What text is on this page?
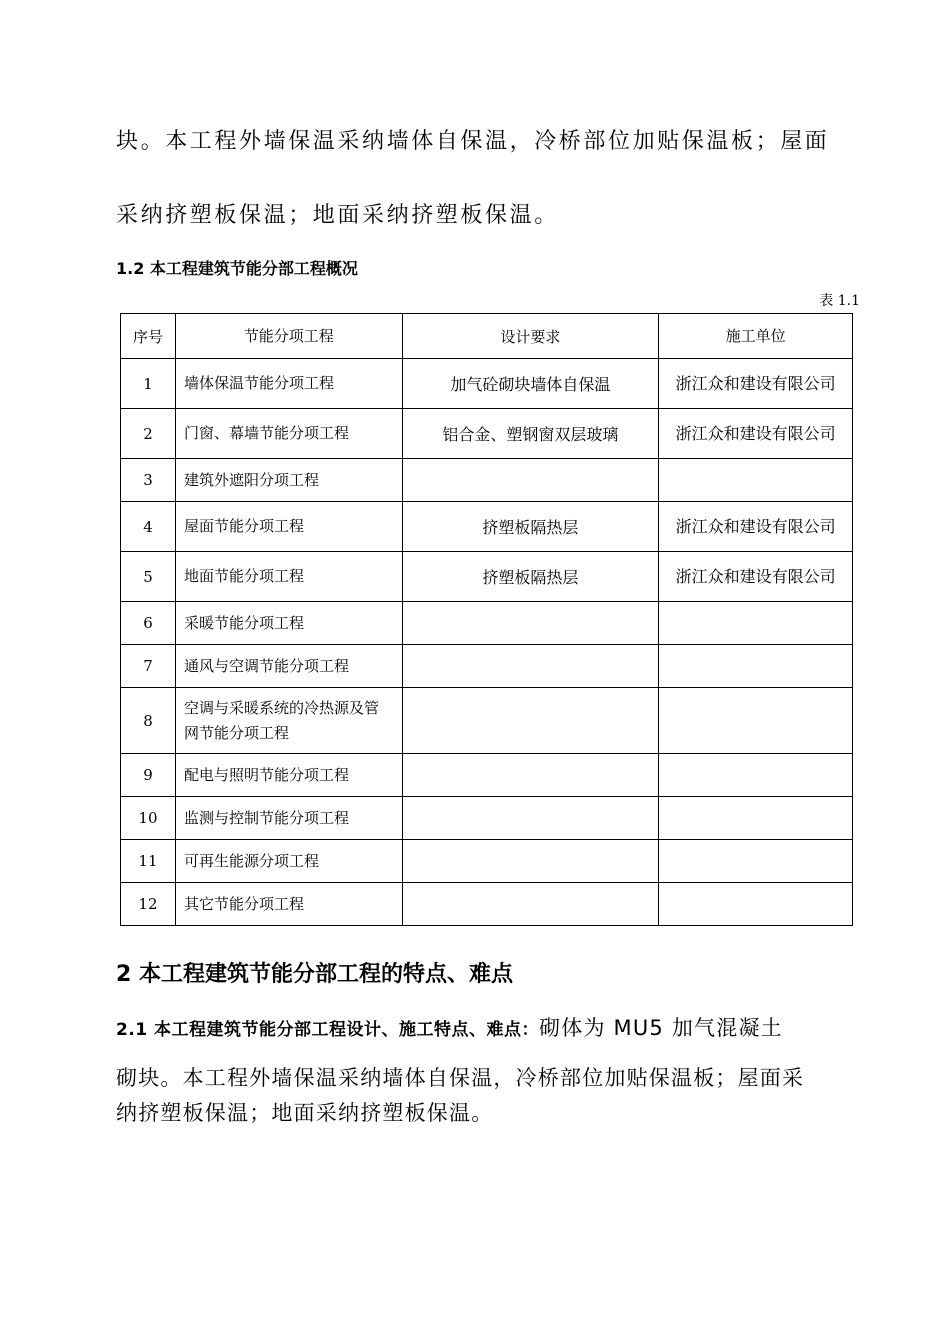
块。本工程外墙保温采纳墙体自保温，冷桥部位加贴保温板；屋面
采纳挤塑板保温；地面采纳挤塑板保温。
1.2 本工程建筑节能分部工程概况
表 1.1
序号	节能分项工程	设计要求	施工单位
1	墙体保温节能分项工程	加气砼砌块墙体自保温	浙江众和建设有限公司
2	门窗、幕墙节能分项工程	铝合金、塑钢窗双层玻璃	浙江众和建设有限公司
3	建筑外遮阳分项工程		
4	屋面节能分项工程	挤塑板隔热层	浙江众和建设有限公司
5	地面节能分项工程	挤塑板隔热层	浙江众和建设有限公司
6	采暖节能分项工程		
7	通风与空调节能分项工程		
8	空调与采暖系统的冷热源及管网节能分项工程		
9	配电与照明节能分项工程		
10	监测与控制节能分项工程		
11	可再生能源分项工程		
12	其它节能分项工程		
2 本工程建筑节能分部工程的特点、难点
2.1 本工程建筑节能分部工程设计、施工特点、难点：砌体为 MU5 加气混凝土
砌块。本工程外墙保温采纳墙体自保温，冷桥部位加贴保温板；屋面采
纳挤塑板保温；地面采纳挤塑板保温。
